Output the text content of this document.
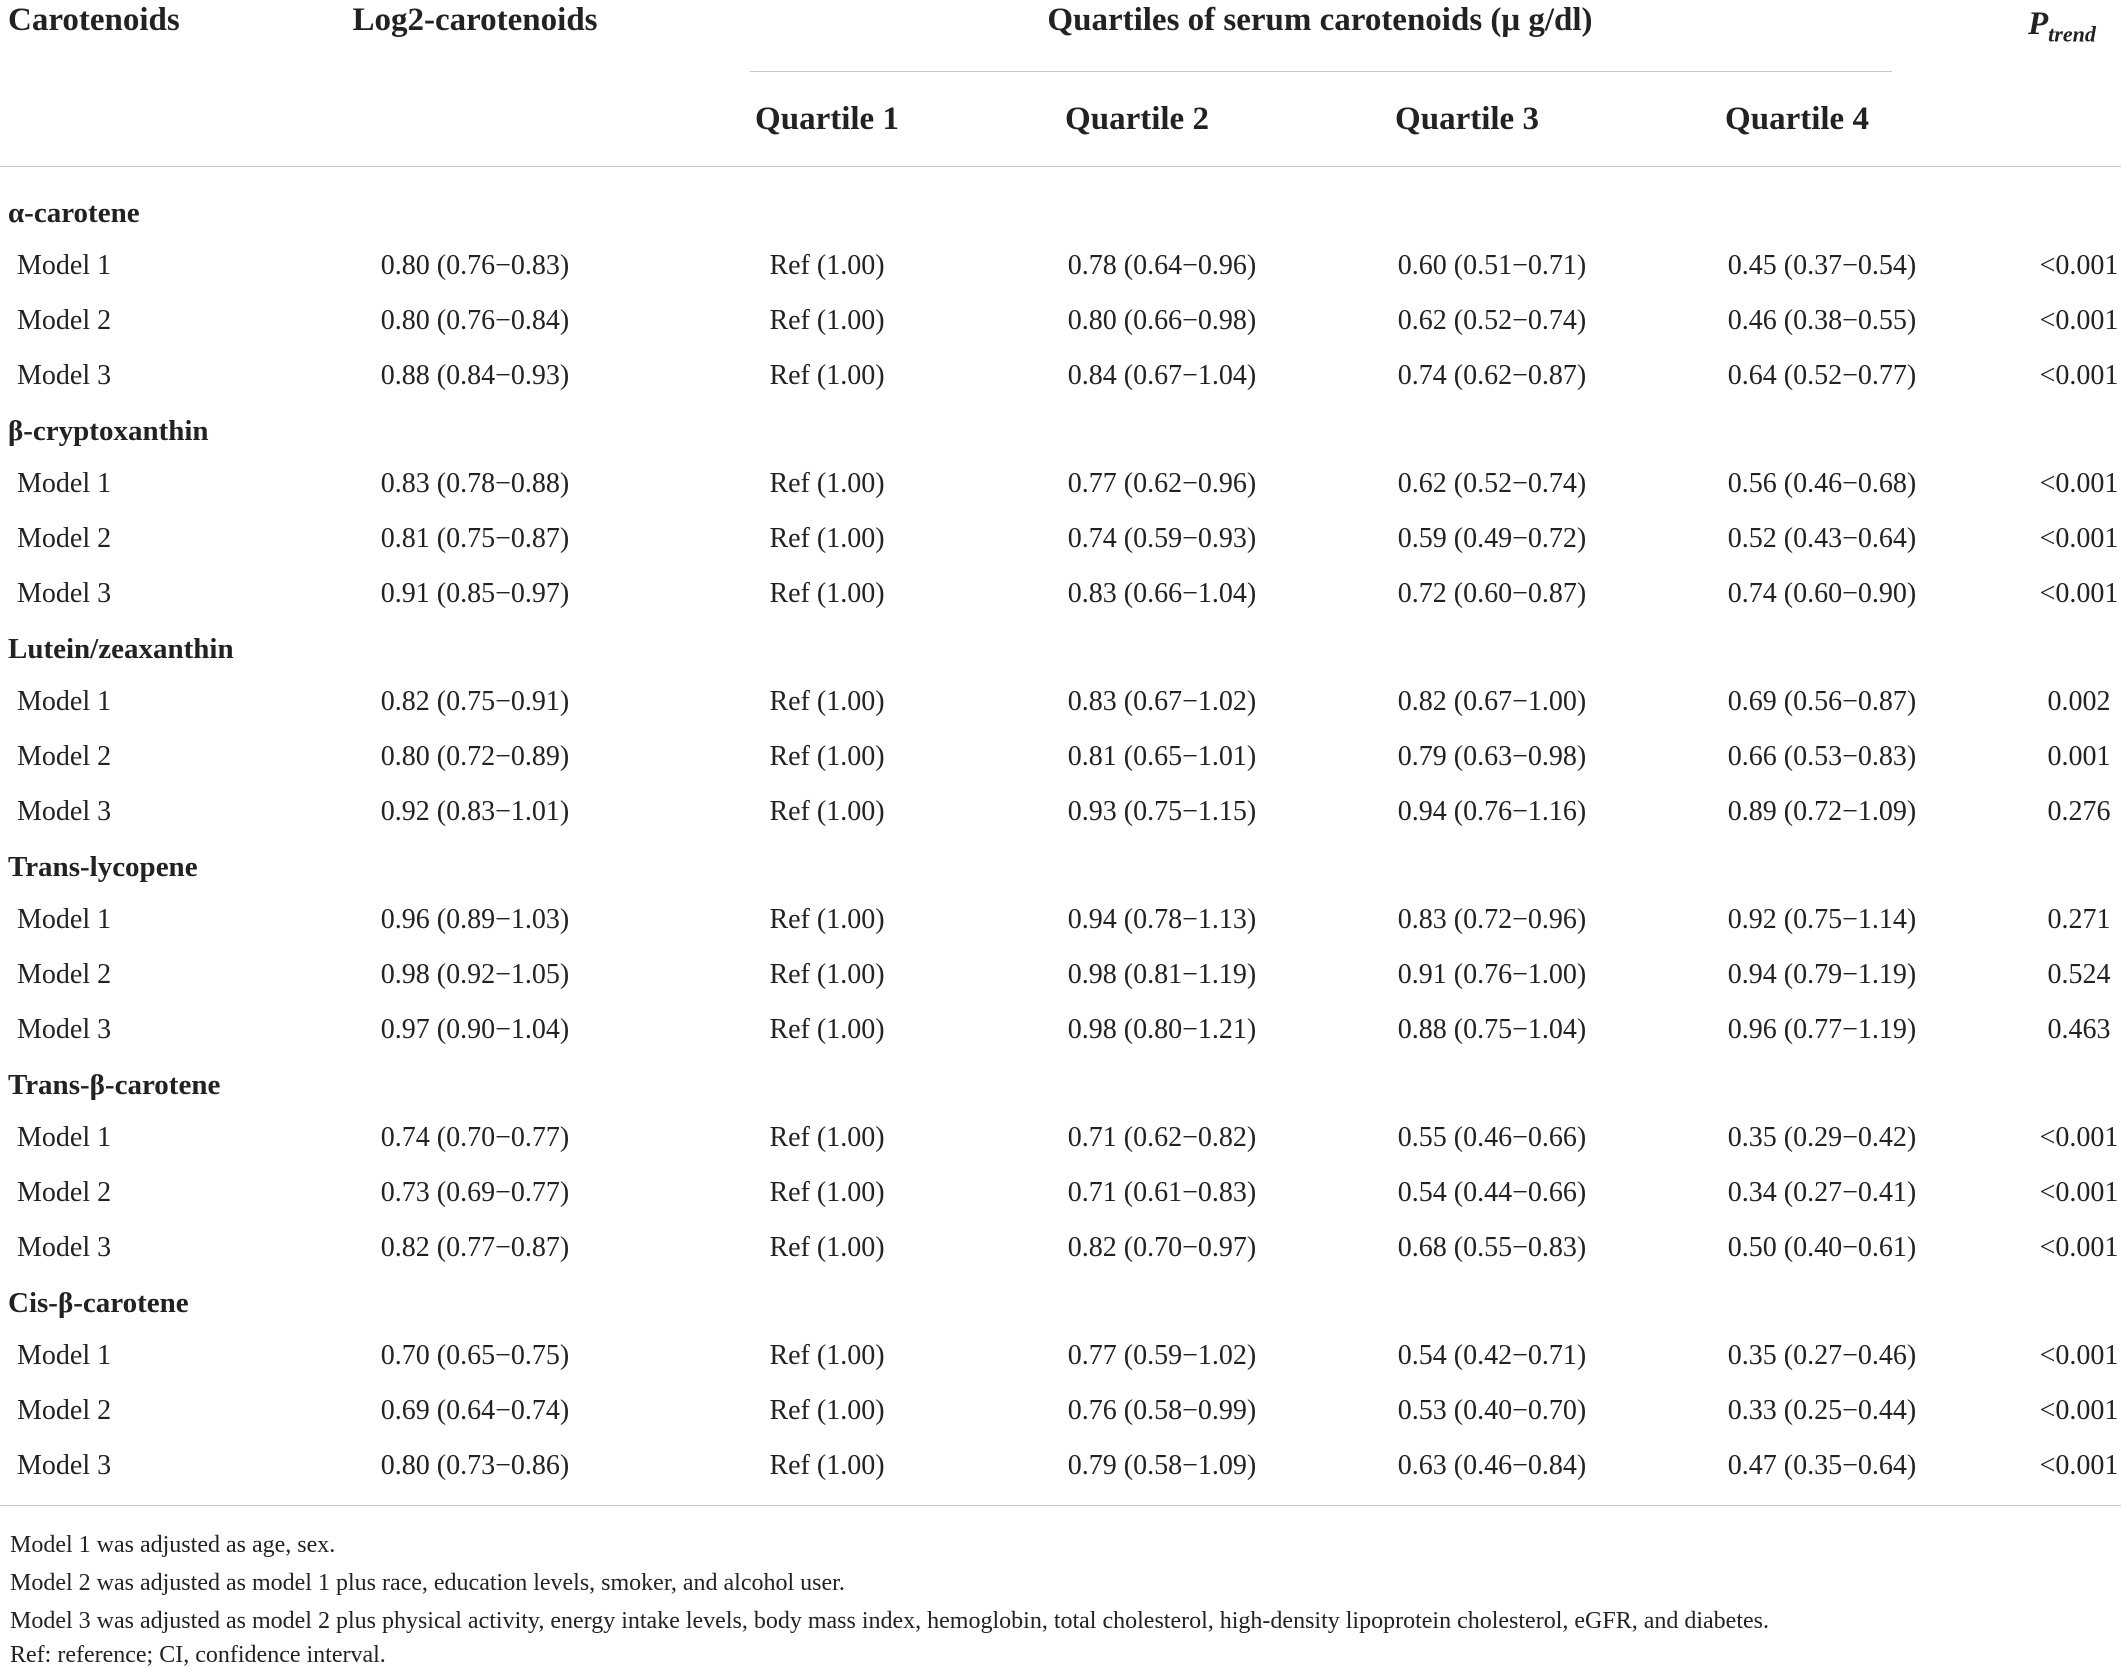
Carotenoids	Log2-carotenoids	Quartiles of serum carotenoids (μ g/dl)	$P_{trend}$
Quartile 1	Quartile 2	Quartile 3	Quartile 4
α-carotene
Model 1	0.80 (0.76−0.83)	Ref (1.00)	0.78 (0.64−0.96)	0.60 (0.51−0.71)	0.45 (0.37−0.54)	<0.001
Model 2	0.80 (0.76−0.84)	Ref (1.00)	0.80 (0.66−0.98)	0.62 (0.52−0.74)	0.46 (0.38−0.55)	<0.001
Model 3	0.88 (0.84−0.93)	Ref (1.00)	0.84 (0.67−1.04)	0.74 (0.62−0.87)	0.64 (0.52−0.77)	<0.001
β-cryptoxanthin
Model 1	0.83 (0.78−0.88)	Ref (1.00)	0.77 (0.62−0.96)	0.62 (0.52−0.74)	0.56 (0.46−0.68)	<0.001
Model 2	0.81 (0.75−0.87)	Ref (1.00)	0.74 (0.59−0.93)	0.59 (0.49−0.72)	0.52 (0.43−0.64)	<0.001
Model 3	0.91 (0.85−0.97)	Ref (1.00)	0.83 (0.66−1.04)	0.72 (0.60−0.87)	0.74 (0.60−0.90)	<0.001
Lutein/zeaxanthin
Model 1	0.82 (0.75−0.91)	Ref (1.00)	0.83 (0.67−1.02)	0.82 (0.67−1.00)	0.69 (0.56−0.87)	0.002
Model 2	0.80 (0.72−0.89)	Ref (1.00)	0.81 (0.65−1.01)	0.79 (0.63−0.98)	0.66 (0.53−0.83)	0.001
Model 3	0.92 (0.83−1.01)	Ref (1.00)	0.93 (0.75−1.15)	0.94 (0.76−1.16)	0.89 (0.72−1.09)	0.276
Trans-lycopene
Model 1	0.96 (0.89−1.03)	Ref (1.00)	0.94 (0.78−1.13)	0.83 (0.72−0.96)	0.92 (0.75−1.14)	0.271
Model 2	0.98 (0.92−1.05)	Ref (1.00)	0.98 (0.81−1.19)	0.91 (0.76−1.00)	0.94 (0.79−1.19)	0.524
Model 3	0.97 (0.90−1.04)	Ref (1.00)	0.98 (0.80−1.21)	0.88 (0.75−1.04)	0.96 (0.77−1.19)	0.463
Trans-β-carotene
Model 1	0.74 (0.70−0.77)	Ref (1.00)	0.71 (0.62−0.82)	0.55 (0.46−0.66)	0.35 (0.29−0.42)	<0.001
Model 2	0.73 (0.69−0.77)	Ref (1.00)	0.71 (0.61−0.83)	0.54 (0.44−0.66)	0.34 (0.27−0.41)	<0.001
Model 3	0.82 (0.77−0.87)	Ref (1.00)	0.82 (0.70−0.97)	0.68 (0.55−0.83)	0.50 (0.40−0.61)	<0.001
Cis-β-carotene
Model 1	0.70 (0.65−0.75)	Ref (1.00)	0.77 (0.59−1.02)	0.54 (0.42−0.71)	0.35 (0.27−0.46)	<0.001
Model 2	0.69 (0.64−0.74)	Ref (1.00)	0.76 (0.58−0.99)	0.53 (0.40−0.70)	0.33 (0.25−0.44)	<0.001
Model 3	0.80 (0.73−0.86)	Ref (1.00)	0.79 (0.58−1.09)	0.63 (0.46−0.84)	0.47 (0.35−0.64)	<0.001
Model 1 was adjusted as age, sex.
Model 2 was adjusted as model 1 plus race, education levels, smoker, and alcohol user.
Model 3 was adjusted as model 2 plus physical activity, energy intake levels, body mass index, hemoglobin, total cholesterol, high-density lipoprotein cholesterol, eGFR, and diabetes.
Ref: reference; CI, confidence interval.
